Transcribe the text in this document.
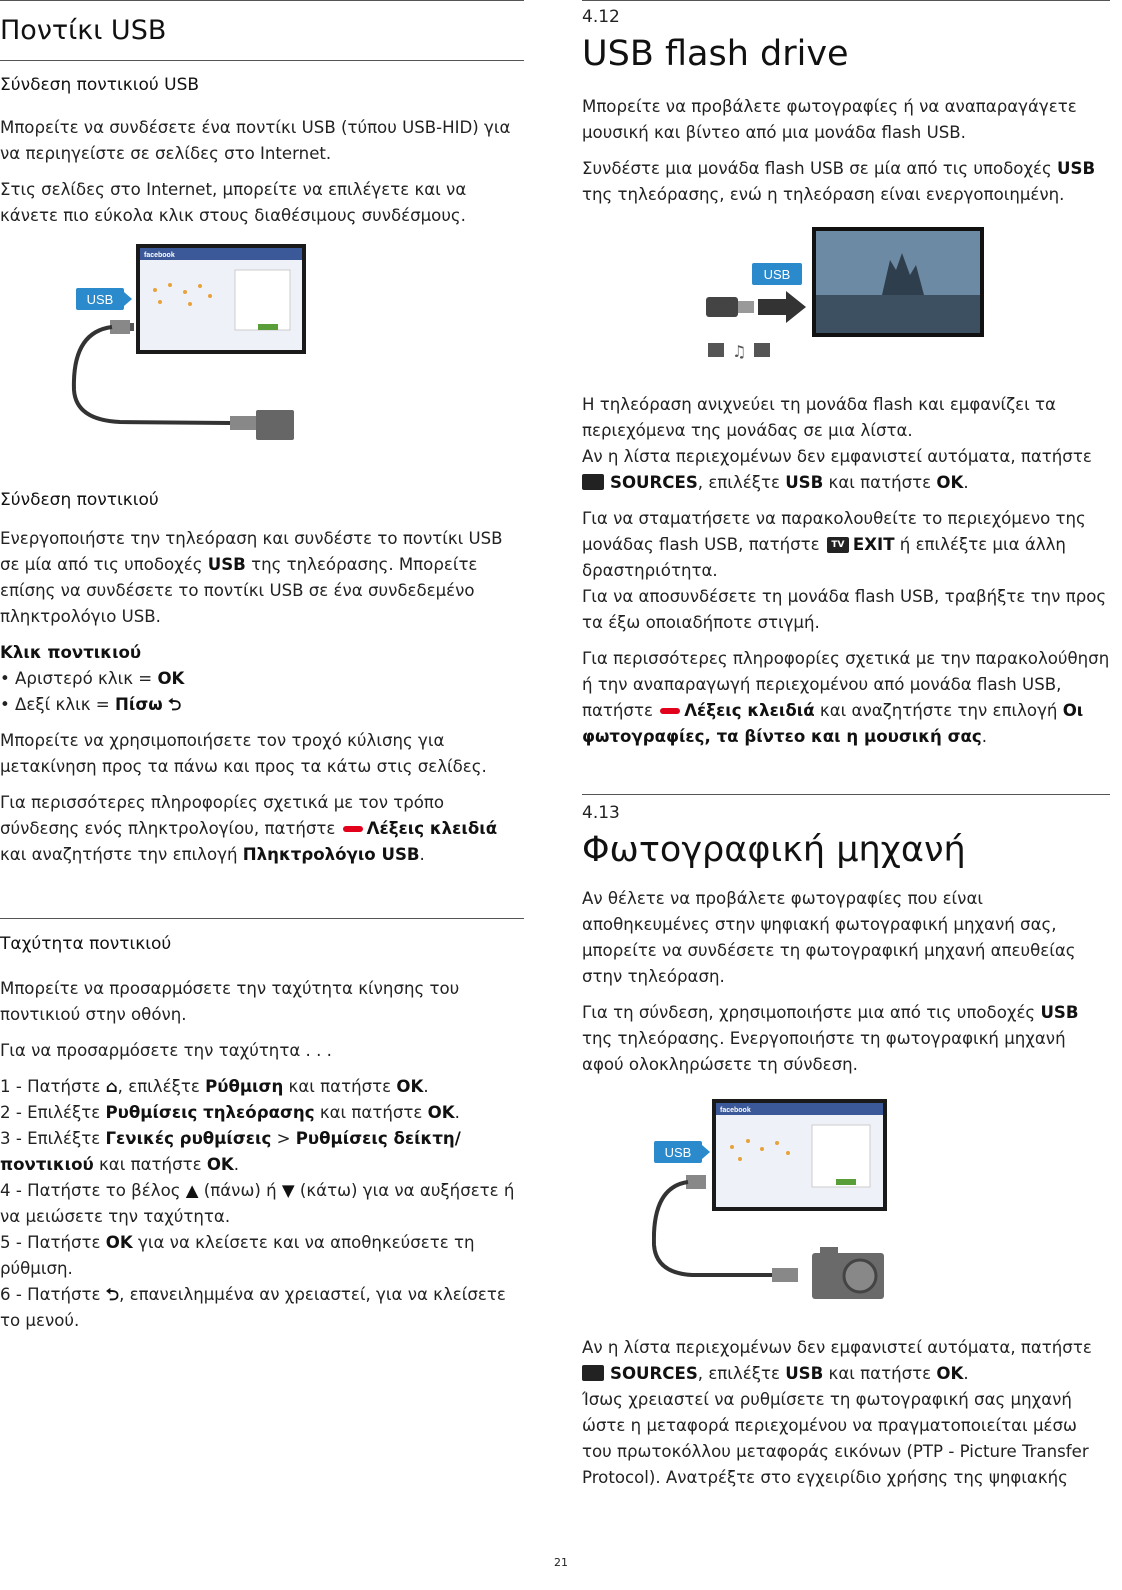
Ποντίκι USB
Σύνδεση ποντικιού USB

Μπορείτε να συνδέσετε ένα ποντίκι USB (τύπου USB-HID) για να περιηγείστε σε σελίδες στο Internet.

Στις σελίδες στο Internet, μπορείτε να επιλέγετε και να κάνετε πιο εύκολα κλικ στους διαθέσιμους συνδέσμους.

facebook
USB
Σύνδεση ποντικιού

Ενεργοποιήστε την τηλεόραση και συνδέστε το ποντίκι USB σε μία από τις υποδοχές USB της τηλεόρασης. Μπορείτε επίσης να συνδέσετε το ποντίκι USB σε ένα συνδεδεμένο πληκτρολόγιο USB.

Κλικ ποντικιού

• Αριστερό κλικ = OK

• Δεξί κλικ = Πίσω ⮌

Μπορείτε να χρησιμοποιήσετε τον τροχό κύλισης για μετακίνηση προς τα πάνω και προς τα κάτω στις σελίδες.

Για περισσότερες πληροφορίες σχετικά με τον τρόπο σύνδεσης ενός πληκτρολογίου, πατήστε Λέξεις κλειδιά και αναζητήστε την επιλογή Πληκτρολόγιο USB.

Ταχύτητα ποντικιού

Μπορείτε να προσαρμόσετε την ταχύτητα κίνησης του ποντικιού στην οθόνη.

Για να προσαρμόσετε την ταχύτητα . . .

1 - Πατήστε ⌂, επιλέξτε Ρύθμιση και πατήστε OK.

2 - Επιλέξτε Ρυθμίσεις τηλεόρασης και πατήστε OK.

3 - Επιλέξτε Γενικές ρυθμίσεις > Ρυθμίσεις δείκτη/ποντικιού και πατήστε OK.

4 - Πατήστε το βέλος ▲ (πάνω) ή ▼ (κάτω) για να αυξήσετε ή να μειώσετε την ταχύτητα.

5 - Πατήστε OK για να κλείσετε και να αποθηκεύσετε τη ρύθμιση.

6 - Πατήστε ⮌, επανειλημμένα αν χρειαστεί, για να κλείσετε το μενού.

4.12
USB flash drive

Μπορείτε να προβάλετε φωτογραφίες ή να αναπαραγάγετε μουσική και βίντεο από μια μονάδα flash USB.

Συνδέστε μια μονάδα flash USB σε μία από τις υποδοχές USB της τηλεόρασης, ενώ η τηλεόραση είναι ενεργοποιημένη.

USB
♫

Η τηλεόραση ανιχνεύει τη μονάδα flash και εμφανίζει τα περιεχόμενα της μονάδας σε μια λίστα.

Αν η λίστα περιεχομένων δεν εμφανιστεί αυτόματα, πατήστε SOURCES, επιλέξτε USB και πατήστε OK.

Για να σταματήσετε να παρακολουθείτε το περιεχόμενο της μονάδας flash USB, πατήστε TV EXIT ή επιλέξτε μια άλλη δραστηριότητα.

Για να αποσυνδέσετε τη μονάδα flash USB, τραβήξτε την προς τα έξω οποιαδήποτε στιγμή.

Για περισσότερες πληροφορίες σχετικά με την παρακολούθηση ή την αναπαραγωγή περιεχομένου από μονάδα flash USB, πατήστε Λέξεις κλειδιά και αναζητήστε την επιλογή Οι φωτογραφίες, τα βίντεο και η μουσική σας.

4.13
Φωτογραφική μηχανή

Αν θέλετε να προβάλετε φωτογραφίες που είναι αποθηκευμένες στην ψηφιακή φωτογραφική μηχανή σας, μπορείτε να συνδέσετε τη φωτογραφική μηχανή απευθείας στην τηλεόραση.

Για τη σύνδεση, χρησιμοποιήστε μια από τις υποδοχές USB της τηλεόρασης. Ενεργοποιήστε τη φωτογραφική μηχανή αφού ολοκληρώσετε τη σύνδεση.

facebook
USB

Αν η λίστα περιεχομένων δεν εμφανιστεί αυτόματα, πατήστε

SOURCES, επιλέξτε USB και πατήστε OK.

Ίσως χρειαστεί να ρυθμίσετε τη φωτογραφική σας μηχανή ώστε η μεταφορά περιεχομένου να πραγματοποιείται μέσω του πρωτοκόλλου μεταφοράς εικόνων (PTP - Picture Transfer Protocol). Ανατρέξτε στο εγχειρίδιο χρήσης της ψηφιακής

21
